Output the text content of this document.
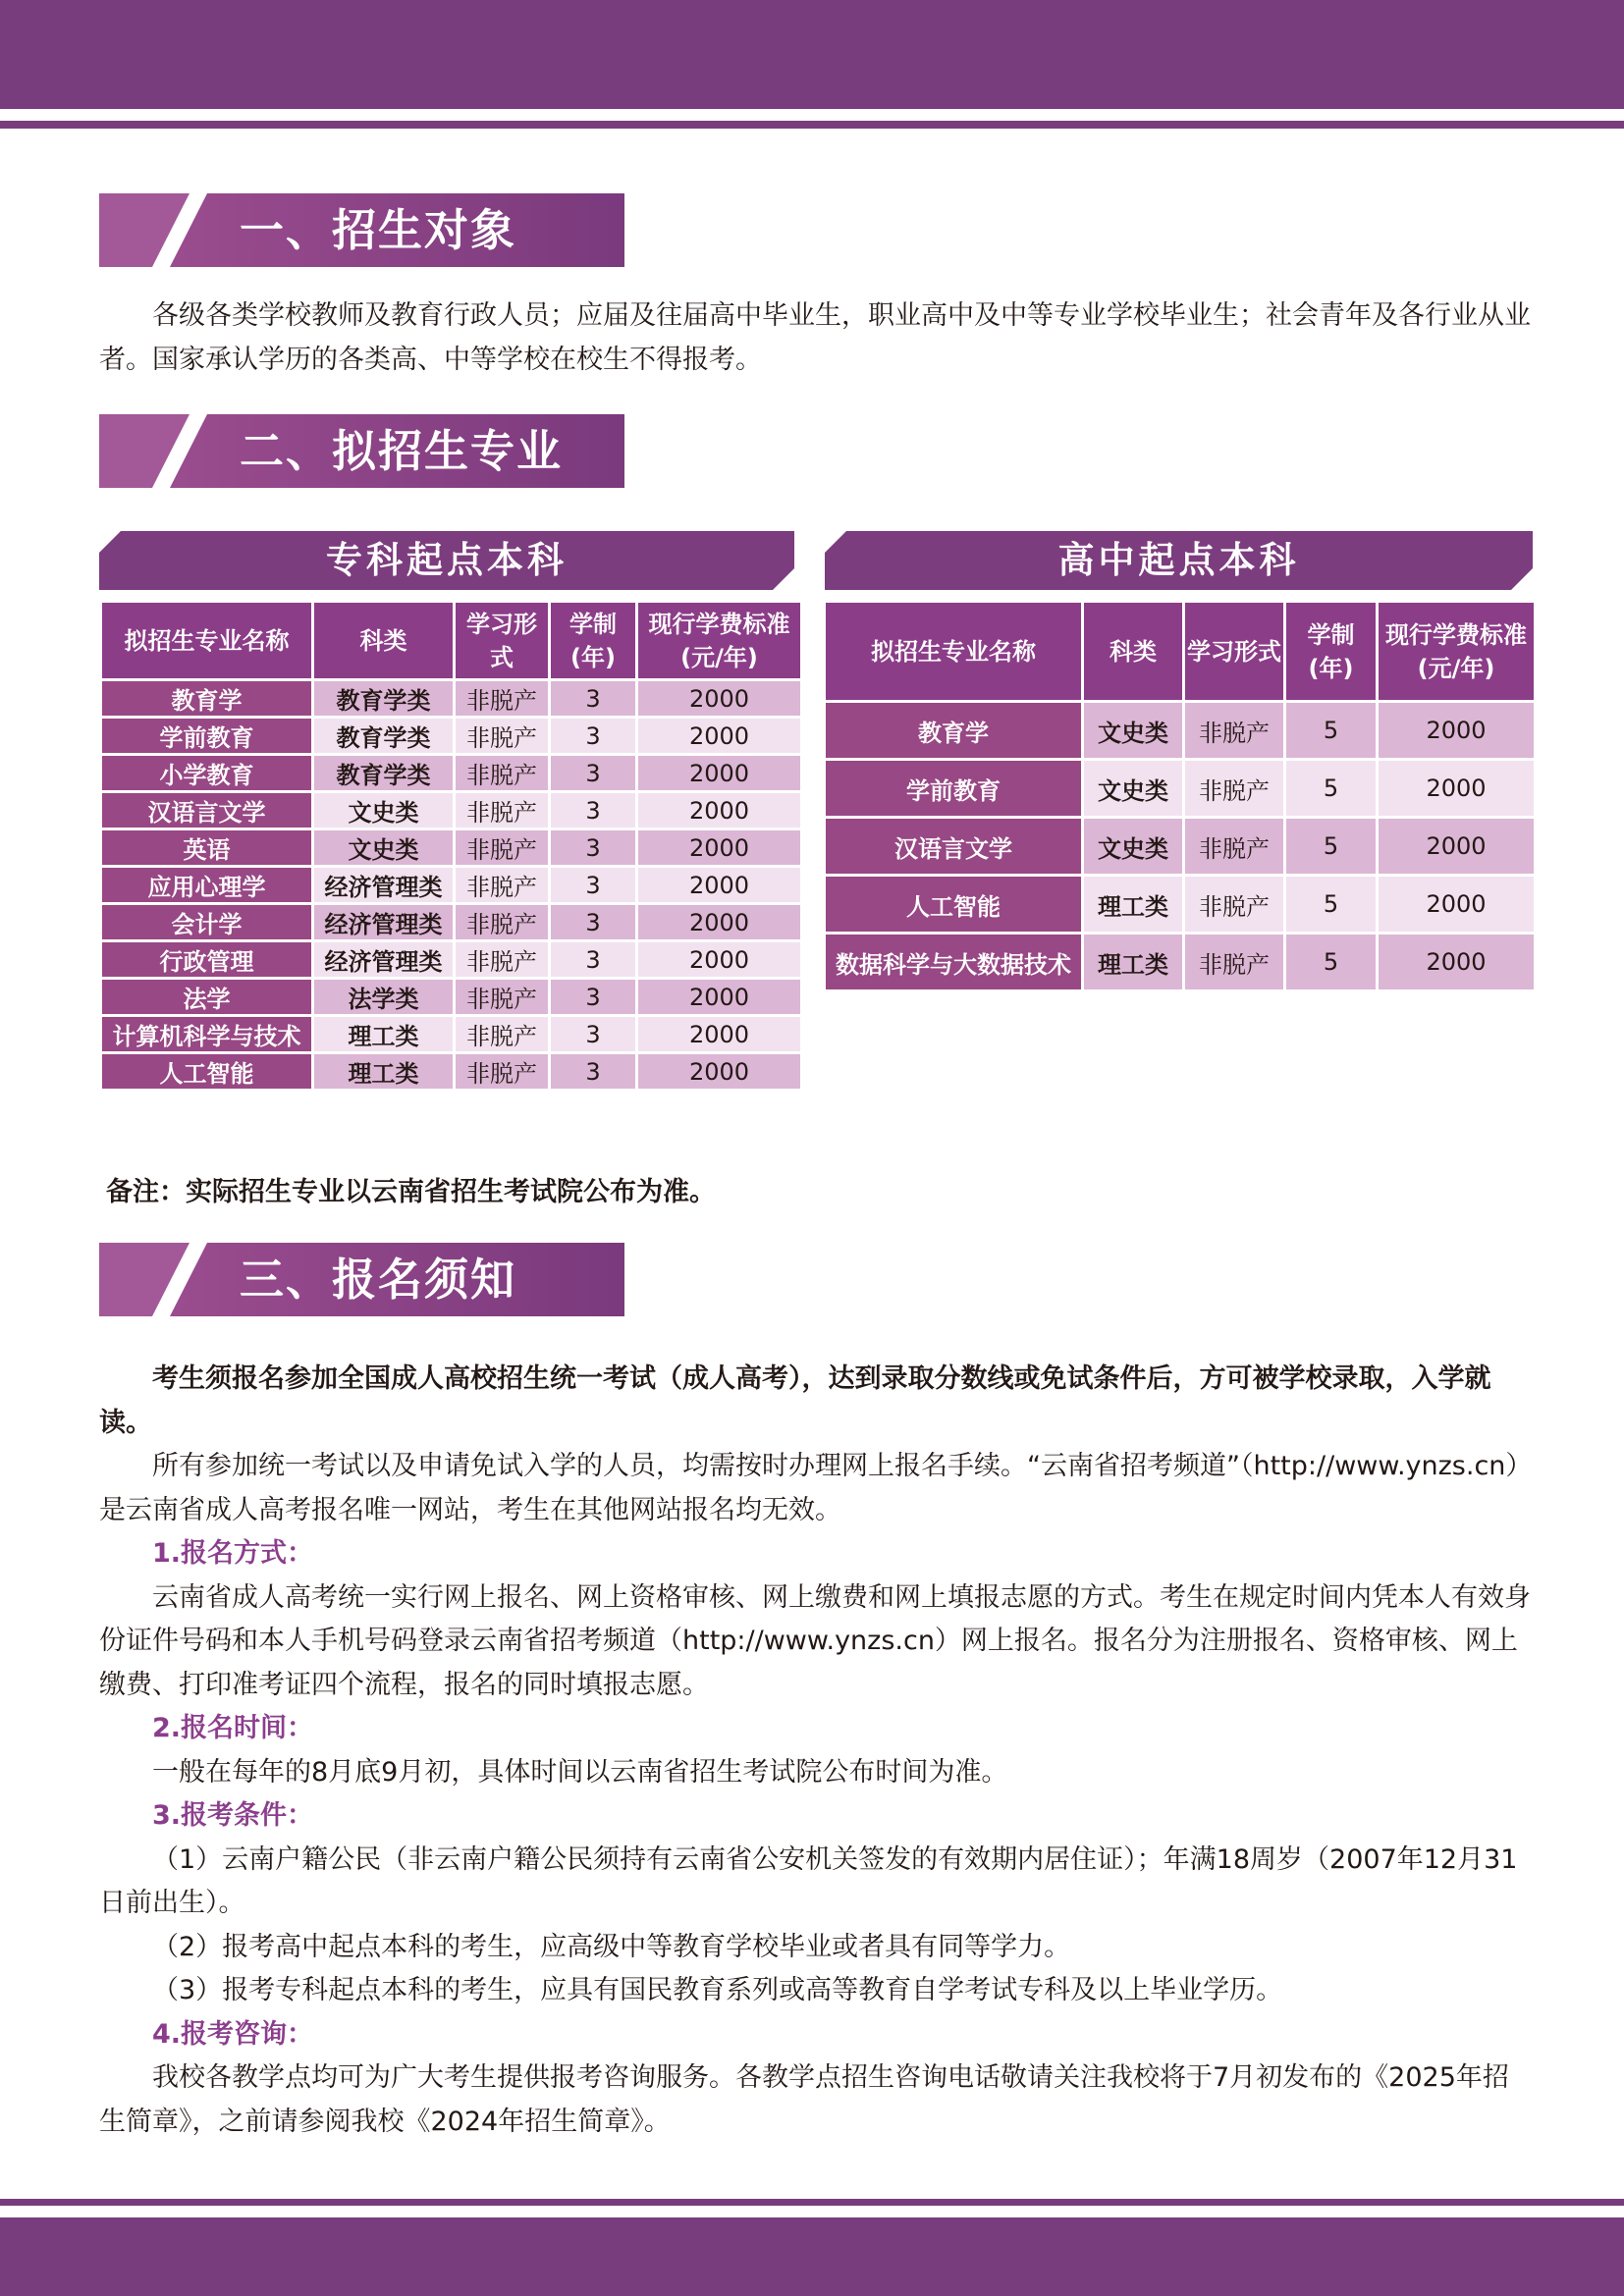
一、招生对象

各级各类学校教师及教育行政人员；应届及往届高中毕业生，职业高中及中等专业学校毕业生；社会青年及各行业从业者。国家承认学历的各类高、中等学校在校生不得报考。

二、拟招生专业
专科起点本科
拟招生专业名称	科类	学习形式	学制(年)	现行学费标准(元/年)
教育学	教育学类	非脱产	3	2000
学前教育	教育学类	非脱产	3	2000
小学教育	教育学类	非脱产	3	2000
汉语言文学	文史类	非脱产	3	2000
英语	文史类	非脱产	3	2000
应用心理学	经济管理类	非脱产	3	2000
会计学	经济管理类	非脱产	3	2000
行政管理	经济管理类	非脱产	3	2000
法学	法学类	非脱产	3	2000
计算机科学与技术	理工类	非脱产	3	2000
人工智能	理工类	非脱产	3	2000
高中起点本科
拟招生专业名称	科类	学习形式	学制(年)	现行学费标准(元/年)
教育学	文史类	非脱产	5	2000
学前教育	文史类	非脱产	5	2000
汉语言文学	文史类	非脱产	5	2000
人工智能	理工类	非脱产	5	2000
数据科学与大数据技术	理工类	非脱产	5	2000
备注：实际招生专业以云南省招生考试院公布为准。
三、报名须知

考生须报名参加全国成人高校招生统一考试（成人高考），达到录取分数线或免试条件后，方可被学校录取，入学就读。

所有参加统一考试以及申请免试入学的人员，均需按时办理网上报名手续。“云南省招考频道”（http://www.ynzs.cn）是云南省成人高考报名唯一网站，考生在其他网站报名均无效。

1.报名方式：

云南省成人高考统一实行网上报名、网上资格审核、网上缴费和网上填报志愿的方式。考生在规定时间内凭本人有效身份证件号码和本人手机号码登录云南省招考频道（http://www.ynzs.cn）网上报名。报名分为注册报名、资格审核、网上缴费、打印准考证四个流程，报名的同时填报志愿。

2.报名时间：

一般在每年的8月底9月初，具体时间以云南省招生考试院公布时间为准。

3.报考条件：

（1）云南户籍公民（非云南户籍公民须持有云南省公安机关签发的有效期内居住证）；年满18周岁（2007年12月31日前出生）。

（2）报考高中起点本科的考生，应高级中等教育学校毕业或者具有同等学力。

（3）报考专科起点本科的考生，应具有国民教育系列或高等教育自学考试专科及以上毕业学历。

4.报考咨询：

我校各教学点均可为广大考生提供报考咨询服务。各教学点招生咨询电话敬请关注我校将于7月初发布的《2025年招生简章》，之前请参阅我校《2024年招生简章》。
